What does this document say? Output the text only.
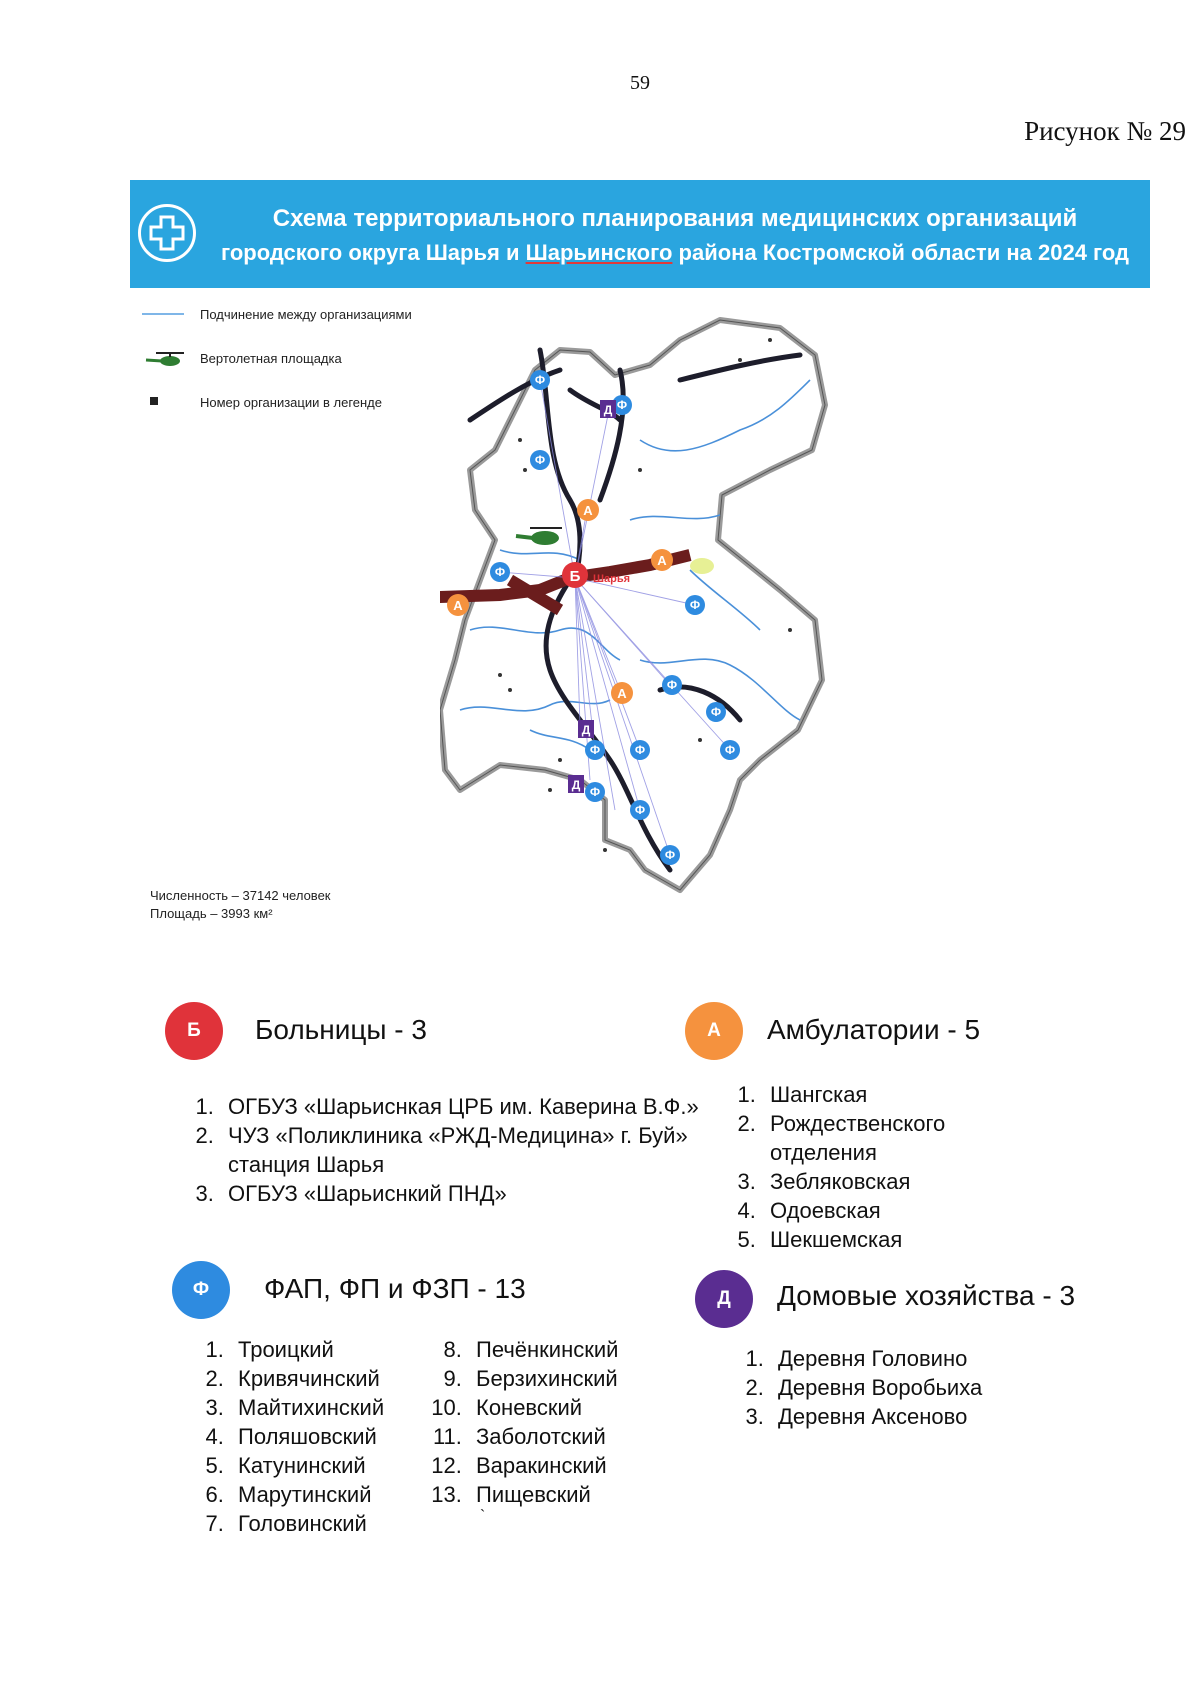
59
Рисунок № 29
Схема территориального планирования медицинских организаций
городского округа Шарья и Шарьинского района Костромской области на 2024 год
Подчинение между организациями
Вертолетная площадка
Номер организации в легенде
Численность – 37142 человек
Площадь – 3993 км²
Б Шарья
А
А
А
А
Ф
Ф
Ф
Ф
Ф
Ф
Ф
Ф	Ф
Ф
Ф
Ф
Ф
Д
Д
Д
Б	Больницы - 3
1. ОГБУЗ «Шарьиснкая ЦРБ им. Каверина В.Ф.»
2. ЧУЗ «Поликлиника «РЖД-Медицина» г. Буй» станция Шарья
3. ОГБУЗ «Шарьиснкий ПНД»
А	Амбулатории - 5
1. Шангская
2. Рождественского отделения
3. Зебляковская
4. Одоевская
5. Шекшемская
Ф	ФАП, ФП и ФЗП - 13
1. Троицкий
2. Кривячинский
3. Майтихинский
4. Поляшовский
5. Катунинский
6. Марутинский
7. Головинский
8. Печёнкинский
9. Берзихинский
10. Коневский
11. Заболотский
12. Варакинский
13. Пищевский
`
Д	Домовые хозяйства - 3
1. Деревня Головино
2. Деревня Воробьиха
3. Деревня Аксеново
